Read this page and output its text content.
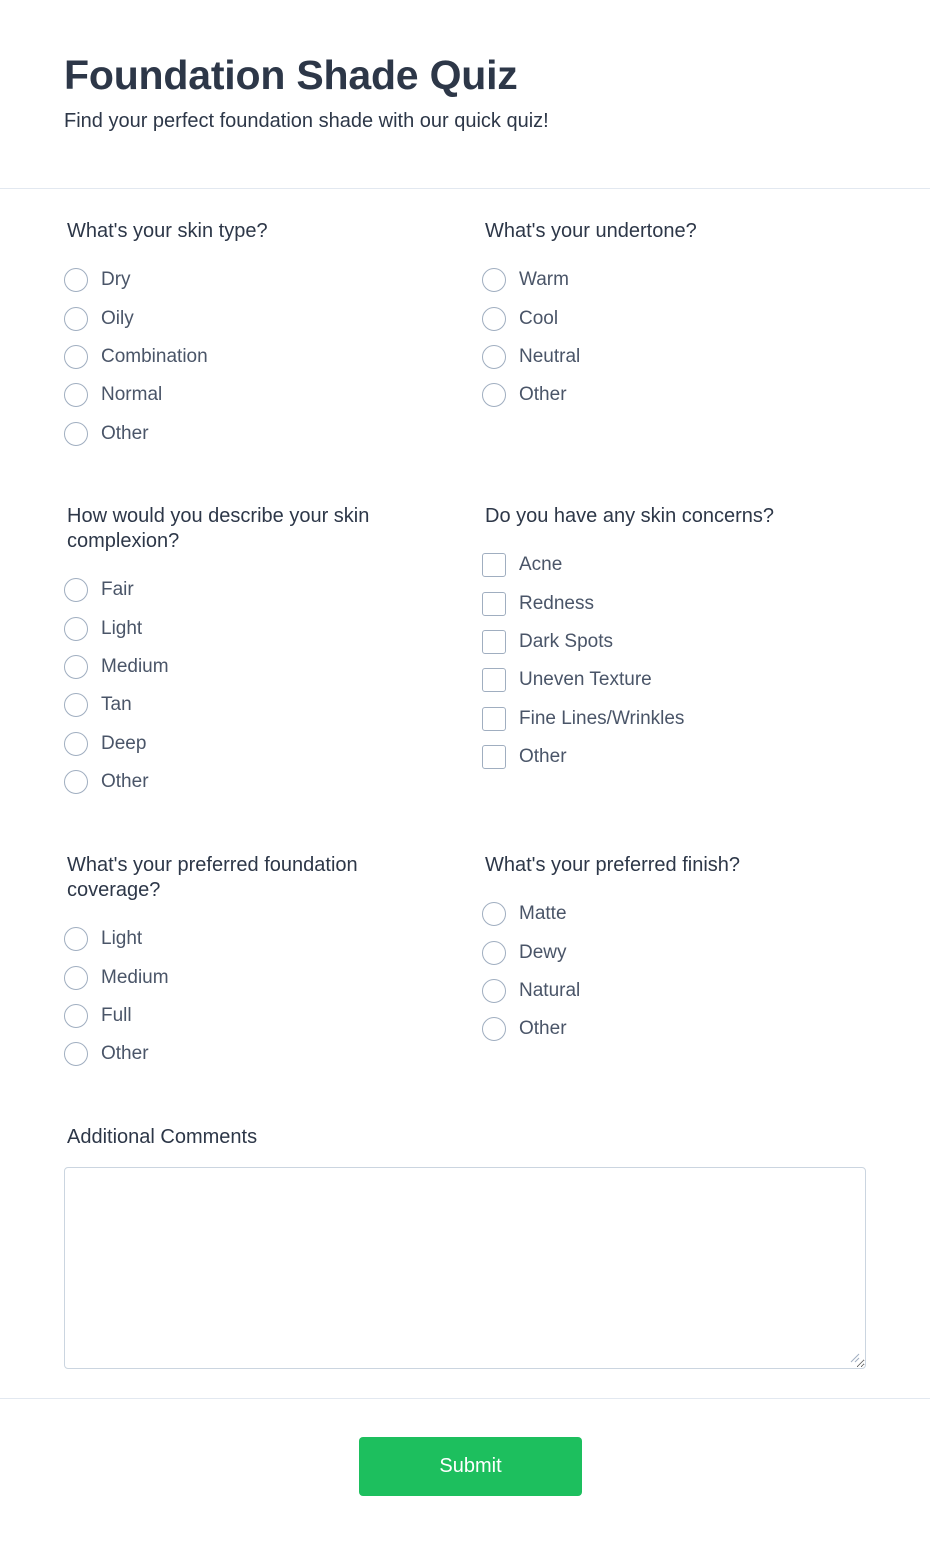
Foundation Shade Quiz

Find your perfect foundation shade with our quick quiz!

What's your skin type?
Dry
Oily
Combination
Normal
Other
What's your undertone?
Warm
Cool
Neutral
Other
How would you describe your skin complexion?
Fair
Light
Medium
Tan
Deep
Other
Do you have any skin concerns?
Acne
Redness
Dark Spots
Uneven Texture
Fine Lines/Wrinkles
Other
What's your preferred foundation coverage?
Light
Medium
Full
Other
What's your preferred finish?
Matte
Dewy
Natural
Other
Additional Comments
Submit
